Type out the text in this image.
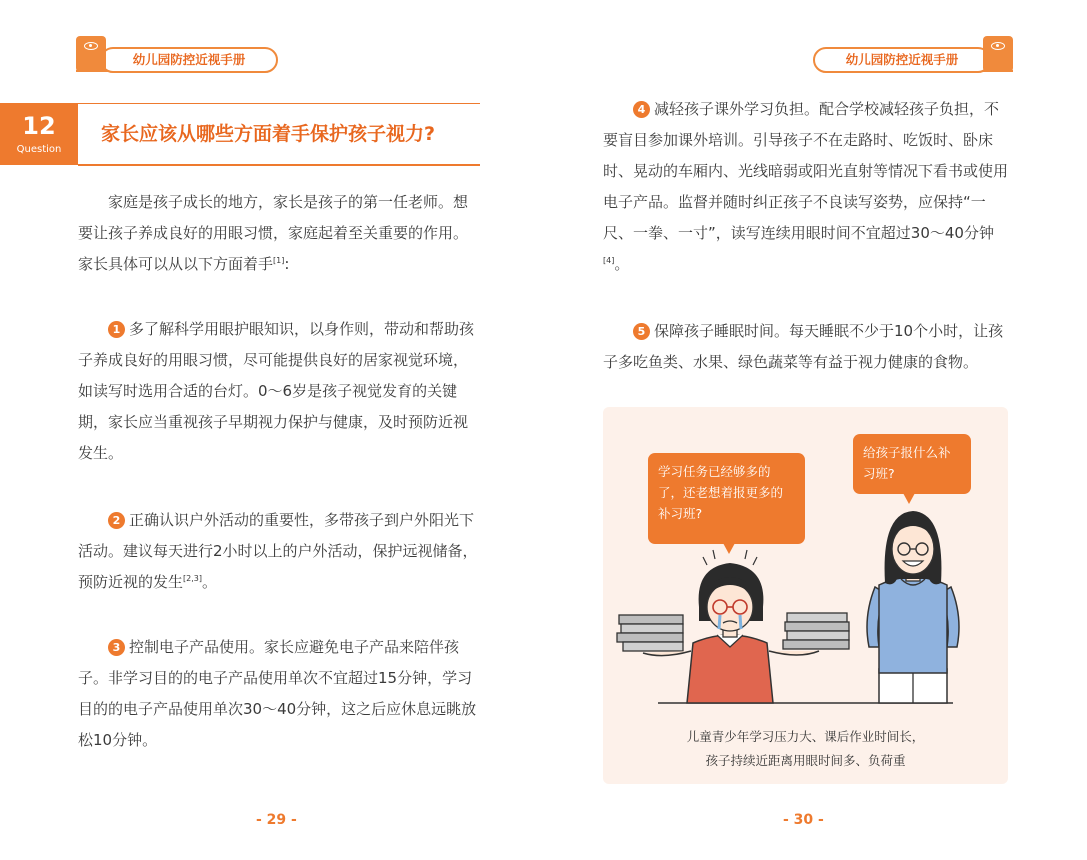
幼儿园防控近视手册
12
Question
家长应该从哪些方面着手保护孩子视力?

家庭是孩子成长的地方，家长是孩子的第一任老师。想要让孩子养成良好的用眼习惯，家庭起着至关重要的作用。家长具体可以从以下方面着手[1]:

1 多了解科学用眼护眼知识，以身作则，带动和帮助孩子养成良好的用眼习惯，尽可能提供良好的居家视觉环境，如读写时选用合适的台灯。0～6岁是孩子视觉发育的关键期，家长应当重视孩子早期视力保护与健康，及时预防近视发生。

2 正确认识户外活动的重要性，多带孩子到户外阳光下活动。建议每天进行2小时以上的户外活动，保护远视储备，预防近视的发生[2,3]。

3 控制电子产品使用。家长应避免电子产品来陪伴孩子。非学习目的的电子产品使用单次不宜超过15分钟，学习目的的电子产品使用单次30～40分钟，这之后应休息远眺放松10分钟。

- 29 -
幼儿园防控近视手册

4 减轻孩子课外学习负担。配合学校减轻孩子负担，不要盲目参加课外培训。引导孩子不在走路时、吃饭时、卧床时、晃动的车厢内、光线暗弱或阳光直射等情况下看书或使用电子产品。监督并随时纠正孩子不良读写姿势，应保持“一尺、一拳、一寸”，读写连续用眼时间不宜超过30～40分钟[4]。

5 保障孩子睡眠时间。每天睡眠不少于10个小时，让孩子多吃鱼类、水果、绿色蔬菜等有益于视力健康的食物。

学习任务已经够多的了，还老想着报更多的补习班?
给孩子报什么补习班?
儿童青少年学习压力大、课后作业时间长，
孩子持续近距离用眼时间多、负荷重
- 30 -
